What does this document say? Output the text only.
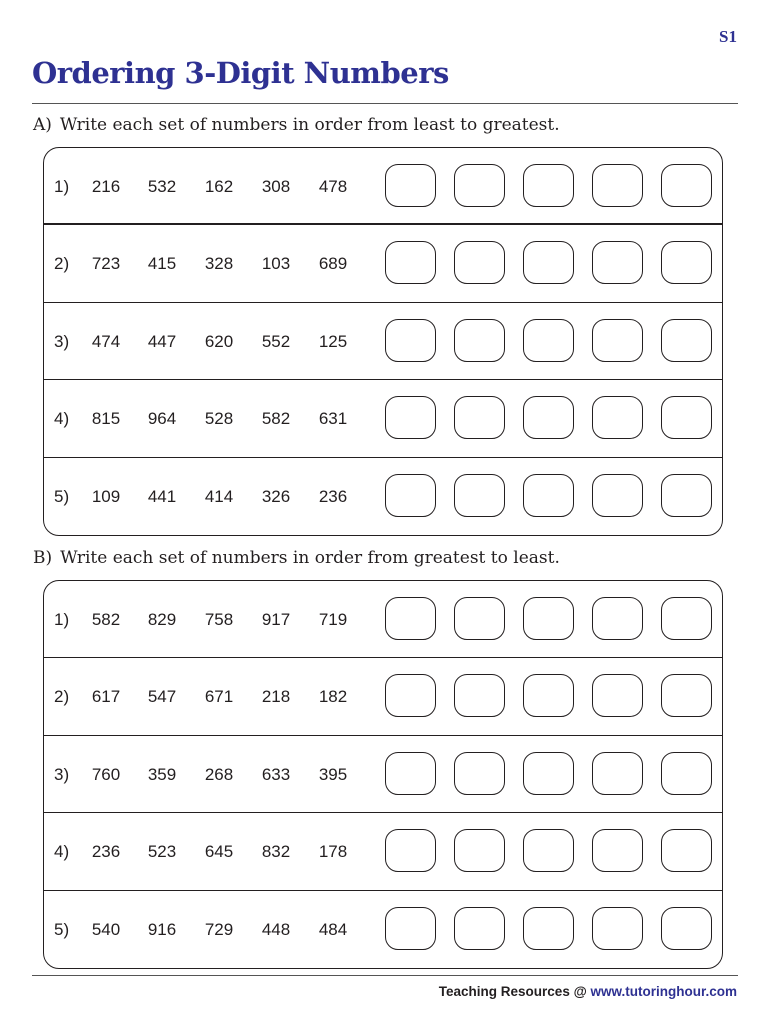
S1
Ordering 3-Digit Numbers
A) Write each set of numbers in order from least to greatest.
1)	216	532	162	308	478
2)	723	415	328	103	689
3)	474	447	620	552	125
4)	815	964	528	582	631
5)	109	441	414	326	236
B) Write each set of numbers in order from greatest to least.
1)	582	829	758	917	719
2)	617	547	671	218	182
3)	760	359	268	633	395
4)	236	523	645	832	178
5)	540	916	729	448	484
Teaching Resources @ www.tutoringhour.com
